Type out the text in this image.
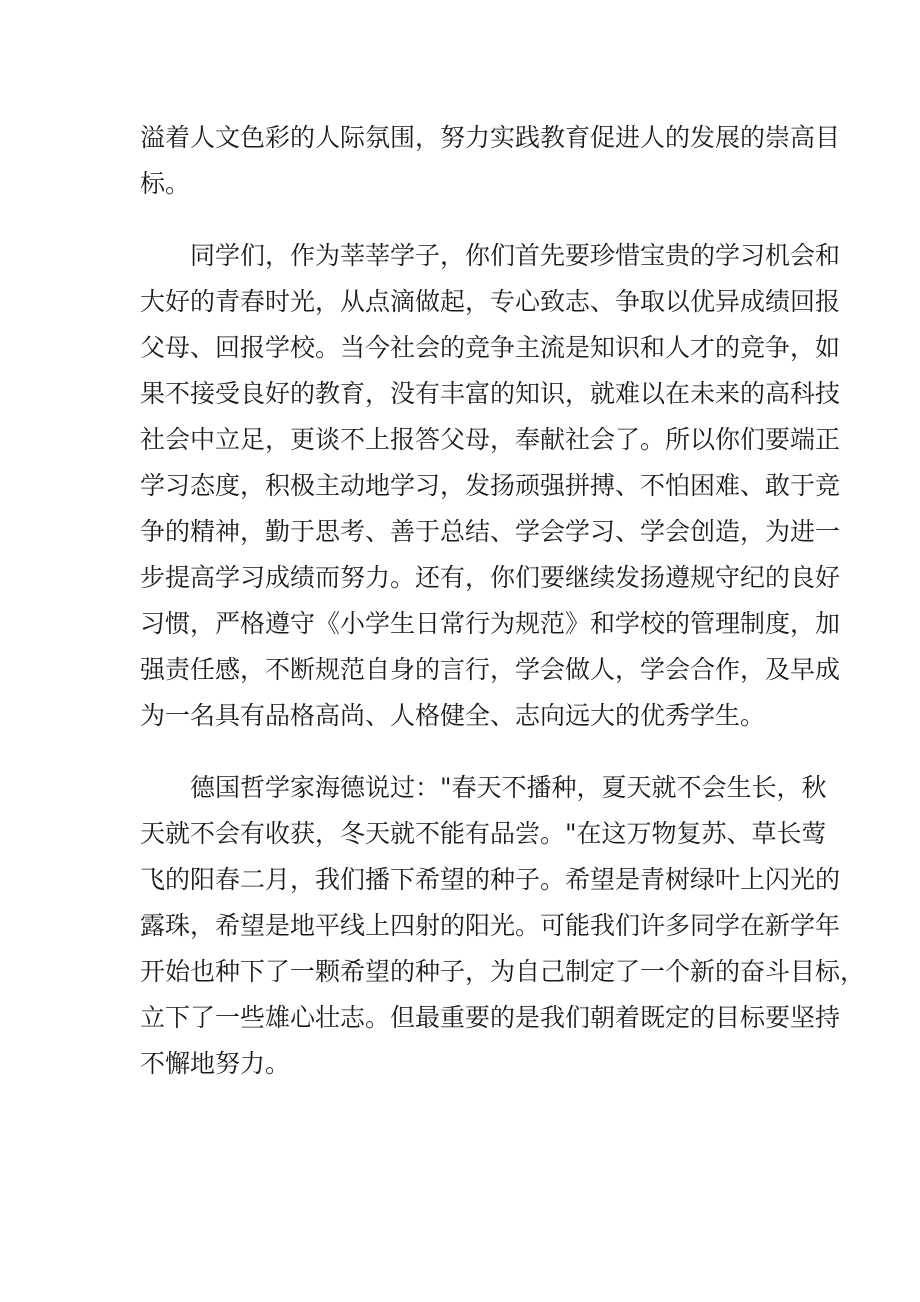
溢着人文色彩的人际氛围，努力实践教育促进人的发展的崇高目
标。

同学们，作为莘莘学子，你们首先要珍惜宝贵的学习机会和
大好的青春时光，从点滴做起，专心致志、争取以优异成绩回报
父母、回报学校。当今社会的竞争主流是知识和人才的竞争，如
果不接受良好的教育，没有丰富的知识，就难以在未来的高科技
社会中立足，更谈不上报答父母，奉献社会了。所以你们要端正
学习态度，积极主动地学习，发扬顽强拼搏、不怕困难、敢于竞
争的精神，勤于思考、善于总结、学会学习、学会创造，为进一
步提高学习成绩而努力。还有，你们要继续发扬遵规守纪的良好
习惯，严格遵守《小学生日常行为规范》和学校的管理制度，加
强责任感，不断规范自身的言行，学会做人，学会合作，及早成
为一名具有品格高尚、人格健全、志向远大的优秀学生。

德国哲学家海德说过："春天不播种，夏天就不会生长，秋
天就不会有收获，冬天就不能有品尝。"在这万物复苏、草长莺
飞的阳春二月，我们播下希望的种子。希望是青树绿叶上闪光的
露珠，希望是地平线上四射的阳光。可能我们许多同学在新学年
开始也种下了一颗希望的种子，为自己制定了一个新的奋斗目标，
立下了一些雄心壮志。但最重要的是我们朝着既定的目标要坚持
不懈地努力。
